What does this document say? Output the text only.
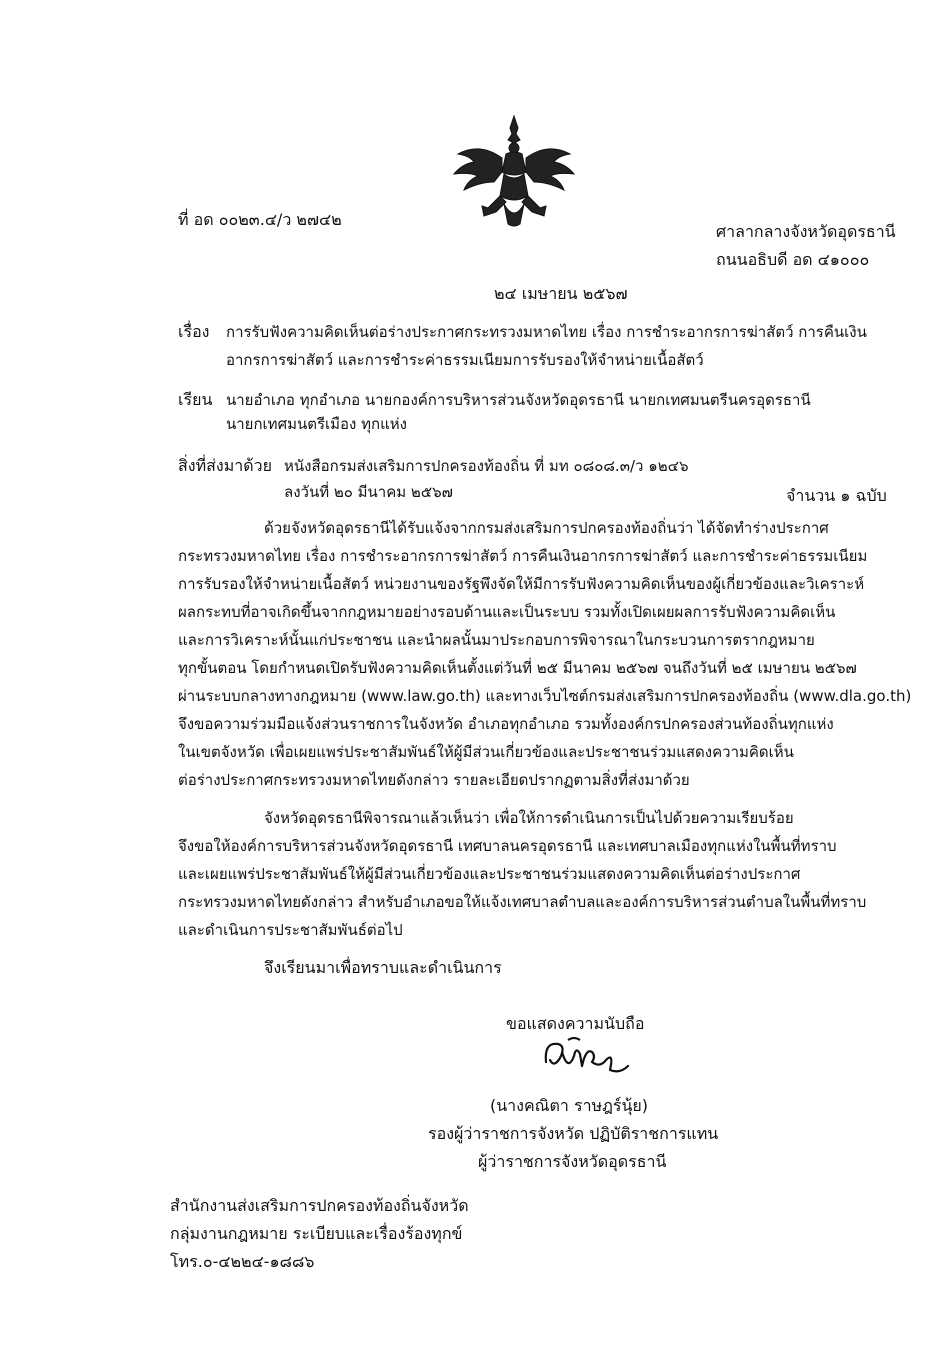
ที่ อด ๐๐๒๓.๔/ว ๒๗๔๒
ศาลากลางจังหวัดอุดรธานี
ถนนอธิบดี อด ๔๑๐๐๐
๒๔ เมษายน ๒๕๖๗
เรื่อง การรับฟังความคิดเห็นต่อร่างประกาศกระทรวงมหาดไทย เรื่อง การชำระอากรการฆ่าสัตว์ การคืนเงิน
อากรการฆ่าสัตว์ และการชำระค่าธรรมเนียมการรับรองให้จำหน่ายเนื้อสัตว์
เรียน นายอำเภอ ทุกอำเภอ นายกองค์การบริหารส่วนจังหวัดอุดรธานี นายกเทศมนตรีนครอุดรธานี
นายกเทศมนตรีเมือง ทุกแห่ง
สิ่งที่ส่งมาด้วย หนังสือกรมส่งเสริมการปกครองท้องถิ่น ที่ มท ๐๘๐๘.๓/ว ๑๒๔๖
ลงวันที่ ๒๐ มีนาคม ๒๕๖๗	จำนวน ๑ ฉบับ
ด้วยจังหวัดอุดรธานีได้รับแจ้งจากกรมส่งเสริมการปกครองท้องถิ่นว่า ได้จัดทำร่างประกาศ
กระทรวงมหาดไทย เรื่อง การชำระอากรการฆ่าสัตว์ การคืนเงินอากรการฆ่าสัตว์ และการชำระค่าธรรมเนียม
การรับรองให้จำหน่ายเนื้อสัตว์ หน่วยงานของรัฐพึงจัดให้มีการรับฟังความคิดเห็นของผู้เกี่ยวข้องและวิเคราะห์
ผลกระทบที่อาจเกิดขึ้นจากกฎหมายอย่างรอบด้านและเป็นระบบ รวมทั้งเปิดเผยผลการรับฟังความคิดเห็น
และการวิเคราะห์นั้นแก่ประชาชน และนำผลนั้นมาประกอบการพิจารณาในกระบวนการตรากฎหมาย
ทุกขั้นตอน โดยกำหนดเปิดรับฟังความคิดเห็นตั้งแต่วันที่ ๒๕ มีนาคม ๒๕๖๗ จนถึงวันที่ ๒๕ เมษายน ๒๕๖๗
ผ่านระบบกลางทางกฎหมาย (www.law.go.th) และทางเว็บไซต์กรมส่งเสริมการปกครองท้องถิ่น (www.dla.go.th)
จึงขอความร่วมมือแจ้งส่วนราชการในจังหวัด อำเภอทุกอำเภอ รวมทั้งองค์กรปกครองส่วนท้องถิ่นทุกแห่ง
ในเขตจังหวัด เพื่อเผยแพร่ประชาสัมพันธ์ให้ผู้มีส่วนเกี่ยวข้องและประชาชนร่วมแสดงความคิดเห็น
ต่อร่างประกาศกระทรวงมหาดไทยดังกล่าว รายละเอียดปรากฏตามสิ่งที่ส่งมาด้วย
จังหวัดอุดรธานีพิจารณาแล้วเห็นว่า เพื่อให้การดำเนินการเป็นไปด้วยความเรียบร้อย
จึงขอให้องค์การบริหารส่วนจังหวัดอุดรธานี เทศบาลนครอุดรธานี และเทศบาลเมืองทุกแห่งในพื้นที่ทราบ
และเผยแพร่ประชาสัมพันธ์ให้ผู้มีส่วนเกี่ยวข้องและประชาชนร่วมแสดงความคิดเห็นต่อร่างประกาศ
กระทรวงมหาดไทยดังกล่าว สำหรับอำเภอขอให้แจ้งเทศบาลตำบลและองค์การบริหารส่วนตำบลในพื้นที่ทราบ
และดำเนินการประชาสัมพันธ์ต่อไป
จึงเรียนมาเพื่อทราบและดำเนินการ
ขอแสดงความนับถือ
(นางคณิตา ราษฎร์นุ้ย)
รองผู้ว่าราชการจังหวัด ปฏิบัติราชการแทน
ผู้ว่าราชการจังหวัดอุดรธานี
สำนักงานส่งเสริมการปกครองท้องถิ่นจังหวัด
กลุ่มงานกฎหมาย ระเบียบและเรื่องร้องทุกข์
โทร.๐-๔๒๒๔-๑๘๘๖
